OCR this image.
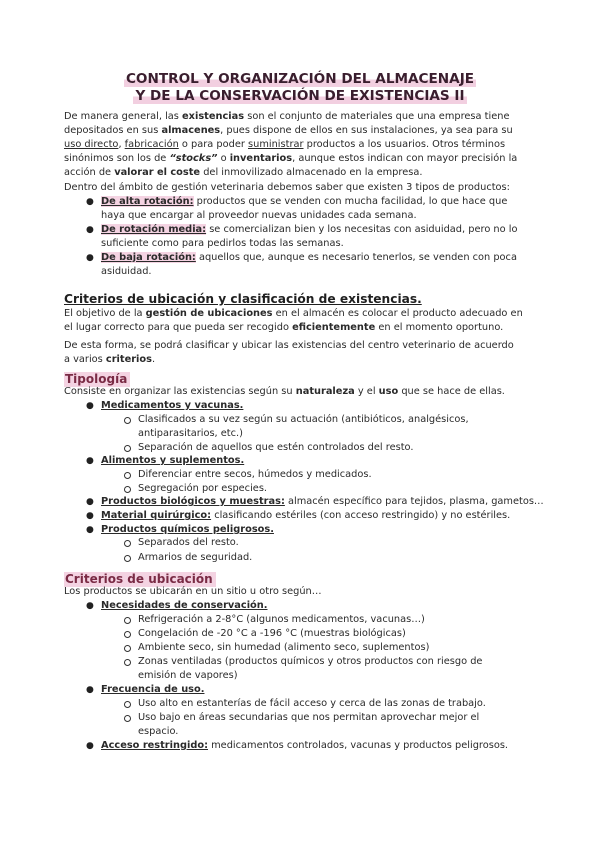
CONTROL Y ORGANIZACIÓN DEL ALMACENAJE
Y DE LA CONSERVACIÓN DE EXISTENCIAS II
De manera general, las existencias son el conjunto de materiales que una empresa tiene
depositados en sus almacenes, pues dispone de ellos en sus instalaciones, ya sea para su
uso directo, fabricación o para poder suministrar productos a los usuarios. Otros términos
sinónimos son los de “stocks” o inventarios, aunque estos indican con mayor precisión la
acción de valorar el coste del inmovilizado almacenado en la empresa.
Dentro del ámbito de gestión veterinaria debemos saber que existen 3 tipos de productos:
● De alta rotación: productos que se venden con mucha facilidad, lo que hace que
haya que encargar al proveedor nuevas unidades cada semana.
● De rotación media: se comercializan bien y los necesitas con asiduidad, pero no lo
suficiente como para pedirlos todas las semanas.
● De baja rotación: aquellos que, aunque es necesario tenerlos, se venden con poca
asiduidad.
Criterios de ubicación y clasificación de existencias.
El objetivo de la gestión de ubicaciones en el almacén es colocar el producto adecuado en
el lugar correcto para que pueda ser recogido eficientemente en el momento oportuno.
De esta forma, se podrá clasificar y ubicar las existencias del centro veterinario de acuerdo
a varios criterios.
Tipología
Consiste en organizar las existencias según su naturaleza y el uso que se hace de ellas.
● Medicamentos y vacunas.
Clasificados a su vez según su actuación (antibióticos, analgésicos,
antiparasitarios, etc.)
Separación de aquellos que estén controlados del resto.
● Alimentos y suplementos.
Diferenciar entre secos, húmedos y medicados.
Segregación por especies.
● Productos biológicos y muestras: almacén específico para tejidos, plasma, gametos…
● Material quirúrgico: clasificando estériles (con acceso restringido) y no estériles.
● Productos químicos peligrosos.
Separados del resto.
Armarios de seguridad.
Criterios de ubicación
Los productos se ubicarán en un sitio u otro según…
● Necesidades de conservación.
Refrigeración a 2-8°C (algunos medicamentos, vacunas…)
Congelación de -20 °C a -196 °C (muestras biológicas)
Ambiente seco, sin humedad (alimento seco, suplementos)
Zonas ventiladas (productos químicos y otros productos con riesgo de
emisión de vapores)
● Frecuencia de uso.
Uso alto en estanterías de fácil acceso y cerca de las zonas de trabajo.
Uso bajo en áreas secundarias que nos permitan aprovechar mejor el
espacio.
● Acceso restringido: medicamentos controlados, vacunas y productos peligrosos.
